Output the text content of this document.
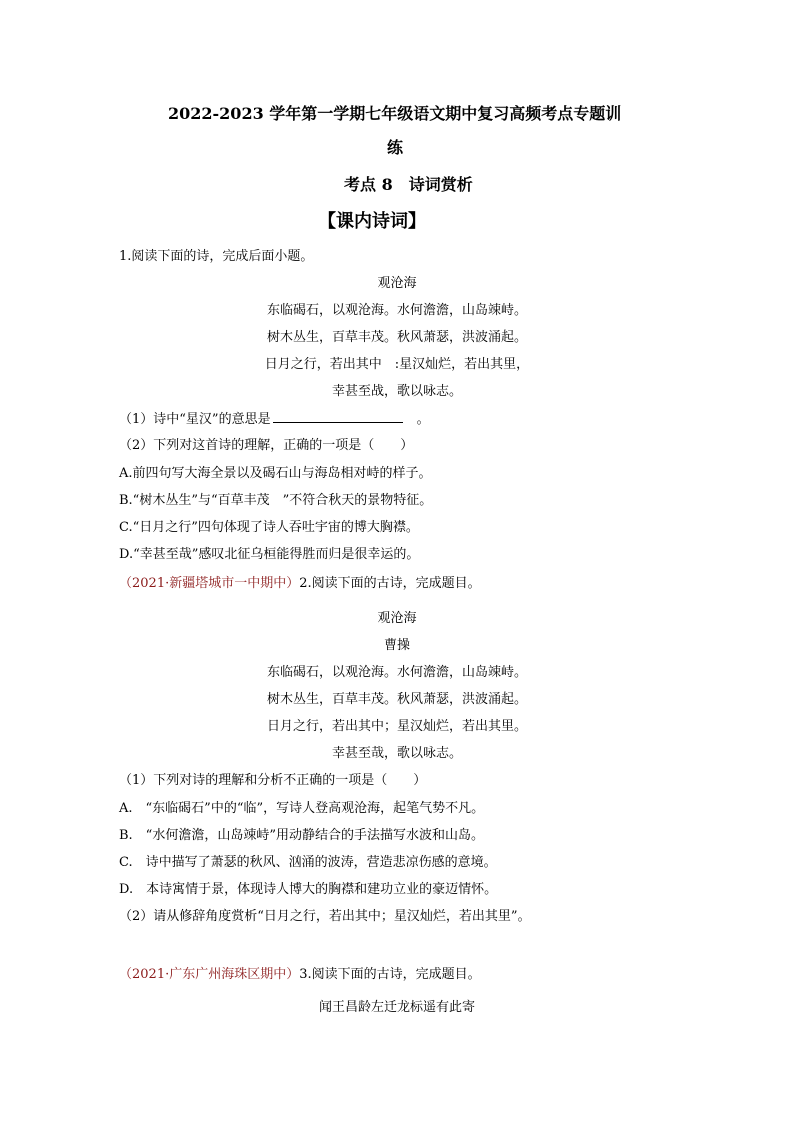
2022-2023 学年第一学期七年级语文期中复习高频考点专题训
练
考点 8　诗词赏析
【课内诗词】
1.阅读下面的诗，完成后面小题。
观沧海
东临碣石，以观沧海。水何澹澹，山岛竦峙。
树木丛生，百草丰茂。秋风萧瑟，洪波涌起。
日月之行，若出其中　:星汉灿烂，若出其里，
幸甚至战，歌以咏志。
（1）诗中“星汉”的意思是	。
（2）下列对这首诗的理解，正确的一项是（　　）
A.前四句写大海全景以及碣石山与海岛相对峙的样子。
B.“树木丛生”与“百草丰茂　”不符合秋天的景物特征。
C.“日月之行”四句体现了诗人吞吐宇宙的博大胸襟。
D.“幸甚至哉”感叹北征乌桓能得胜而归是很幸运的。
（2021·新疆塔城市一中期中）2.阅读下面的古诗，完成题目。
观沧海
曹操
东临碣石，以观沧海。水何澹澹，山岛竦峙。
树木丛生，百草丰茂。秋风萧瑟，洪波涌起。
日月之行，若出其中；星汉灿烂，若出其里。
幸甚至哉，歌以咏志。
（1）下列对诗的理解和分析不正确的一项是（　　）
A.　“东临碣石”中的“临”，写诗人登高观沧海，起笔气势不凡。
B.　“水何澹澹，山岛竦峙”用动静结合的手法描写水波和山岛。
C.　诗中描写了萧瑟的秋风、汹涌的波涛，营造悲凉伤感的意境。
D.　本诗寓情于景，体现诗人博大的胸襟和建功立业的豪迈情怀。
（2）请从修辞角度赏析“日月之行，若出其中；星汉灿烂，若出其里”。
（2021·广东广州海珠区期中）3.阅读下面的古诗，完成题目。
闻王昌龄左迁龙标遥有此寄
